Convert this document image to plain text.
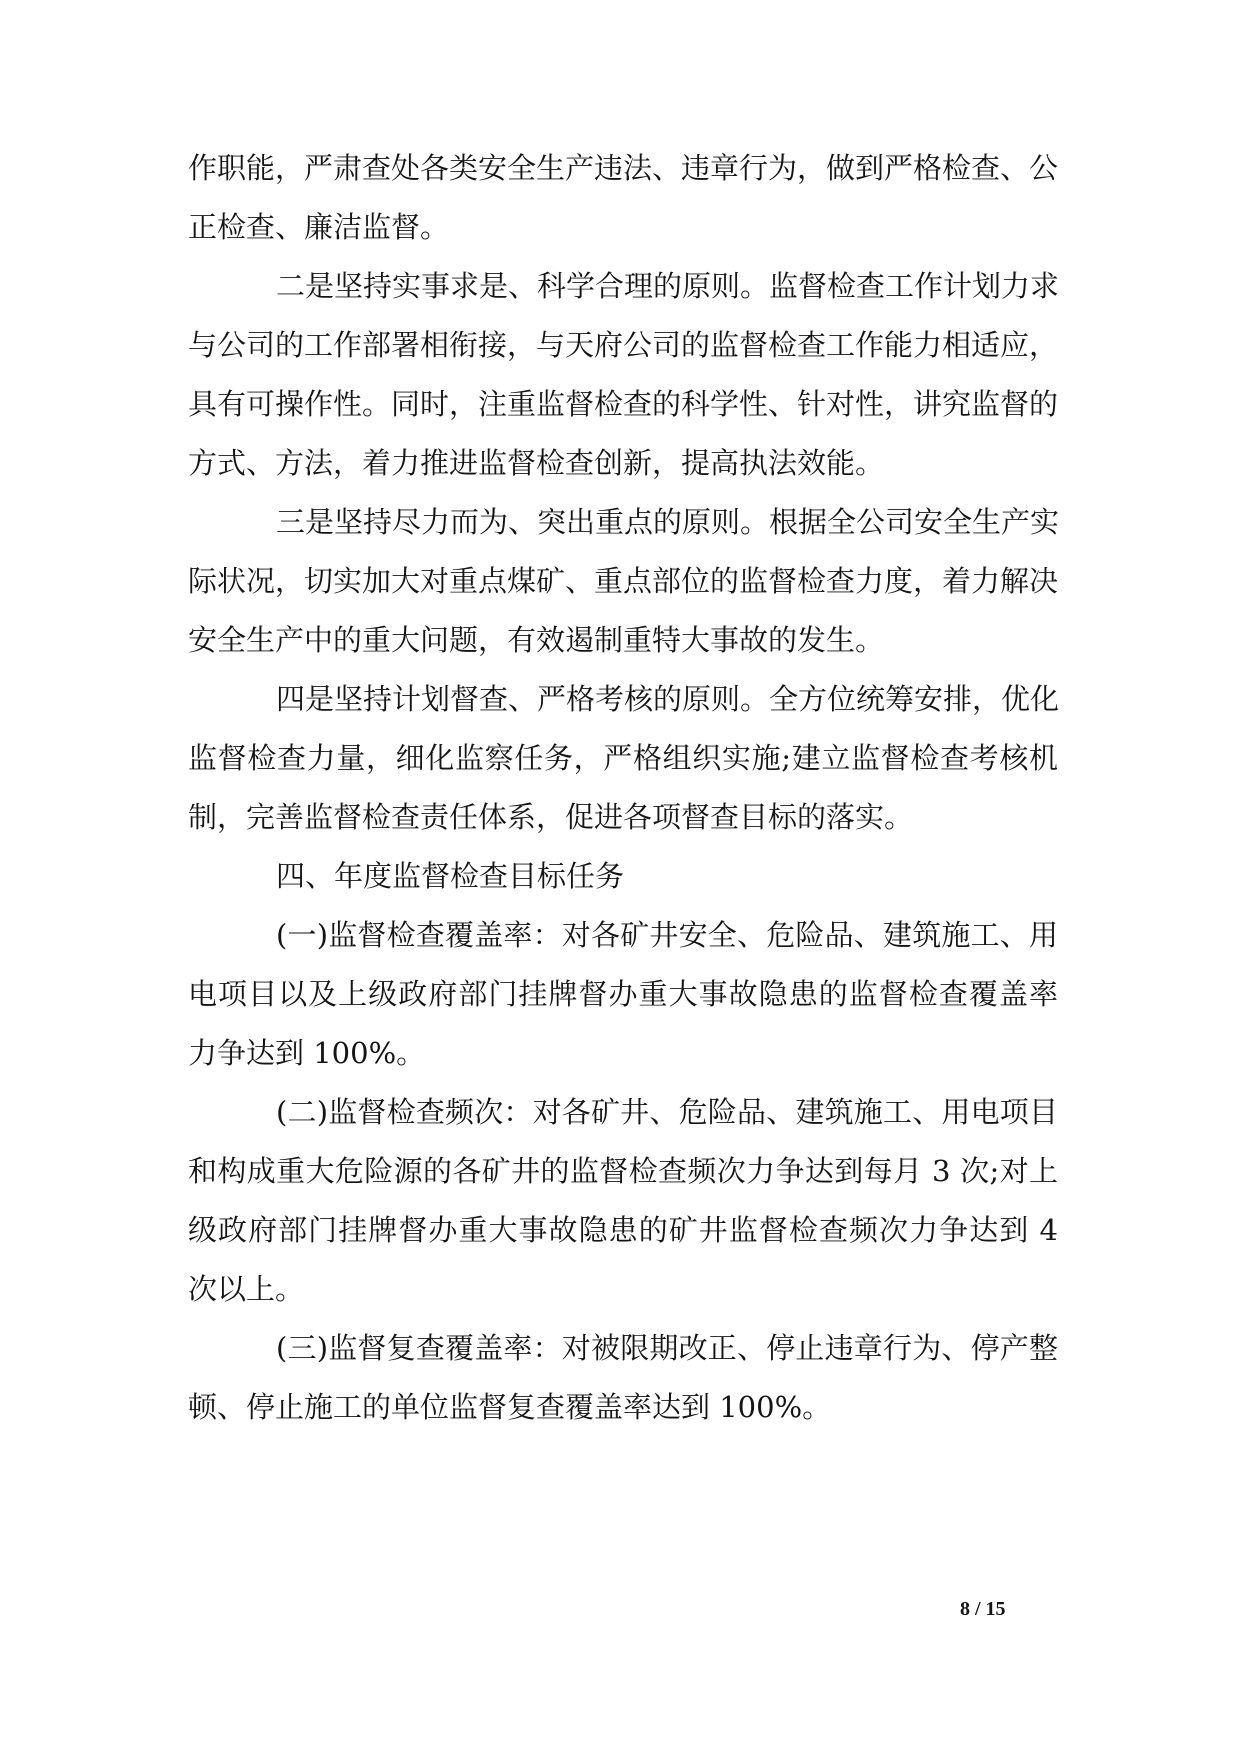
作职能，严肃查处各类安全生产违法、违章行为，做到严格检查、公
正检查、廉洁监督。
二是坚持实事求是、科学合理的原则。监督检查工作计划力求
与公司的工作部署相衔接，与天府公司的监督检查工作能力相适应，
具有可操作性。同时，注重监督检查的科学性、针对性，讲究监督的
方式、方法，着力推进监督检查创新，提高执法效能。
三是坚持尽力而为、突出重点的原则。根据全公司安全生产实
际状况，切实加大对重点煤矿、重点部位的监督检查力度，着力解决
安全生产中的重大问题，有效遏制重特大事故的发生。
四是坚持计划督查、严格考核的原则。全方位统筹安排，优化
监督检查力量，细化监察任务，严格组织实施;建立监督检查考核机
制，完善监督检查责任体系，促进各项督查目标的落实。
四、年度监督检查目标任务
(一)监督检查覆盖率：对各矿井安全、危险品、建筑施工、用
电项目以及上级政府部门挂牌督办重大事故隐患的监督检查覆盖率
力争达到 100%。
(二)监督检查频次：对各矿井、危险品、建筑施工、用电项目
和构成重大危险源的各矿井的监督检查频次力争达到每月 3 次;对上
级政府部门挂牌督办重大事故隐患的矿井监督检查频次力争达到 4
次以上。
(三)监督复查覆盖率：对被限期改正、停止违章行为、停产整
顿、停止施工的单位监督复查覆盖率达到 100%。
8 / 15
